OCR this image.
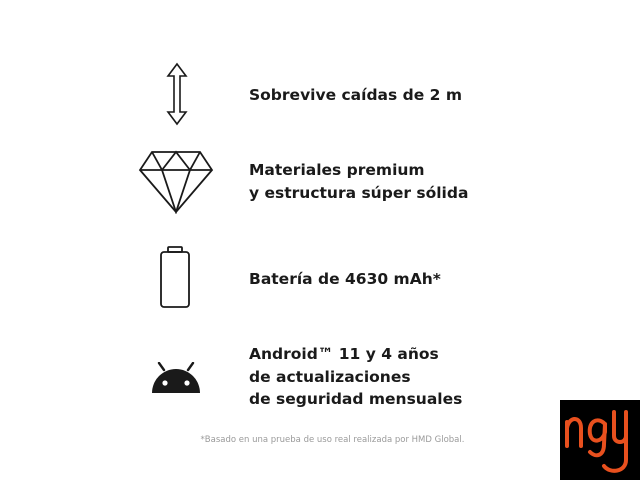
Sobrevive caídas de 2 m

Materiales premium
y estructura súper sólida

Batería de 4630 mAh*

Android™ 11 y 4 años
de actualizaciones
de seguridad mensuales

*Basado en una prueba de uso real realizada por HMD Global.
